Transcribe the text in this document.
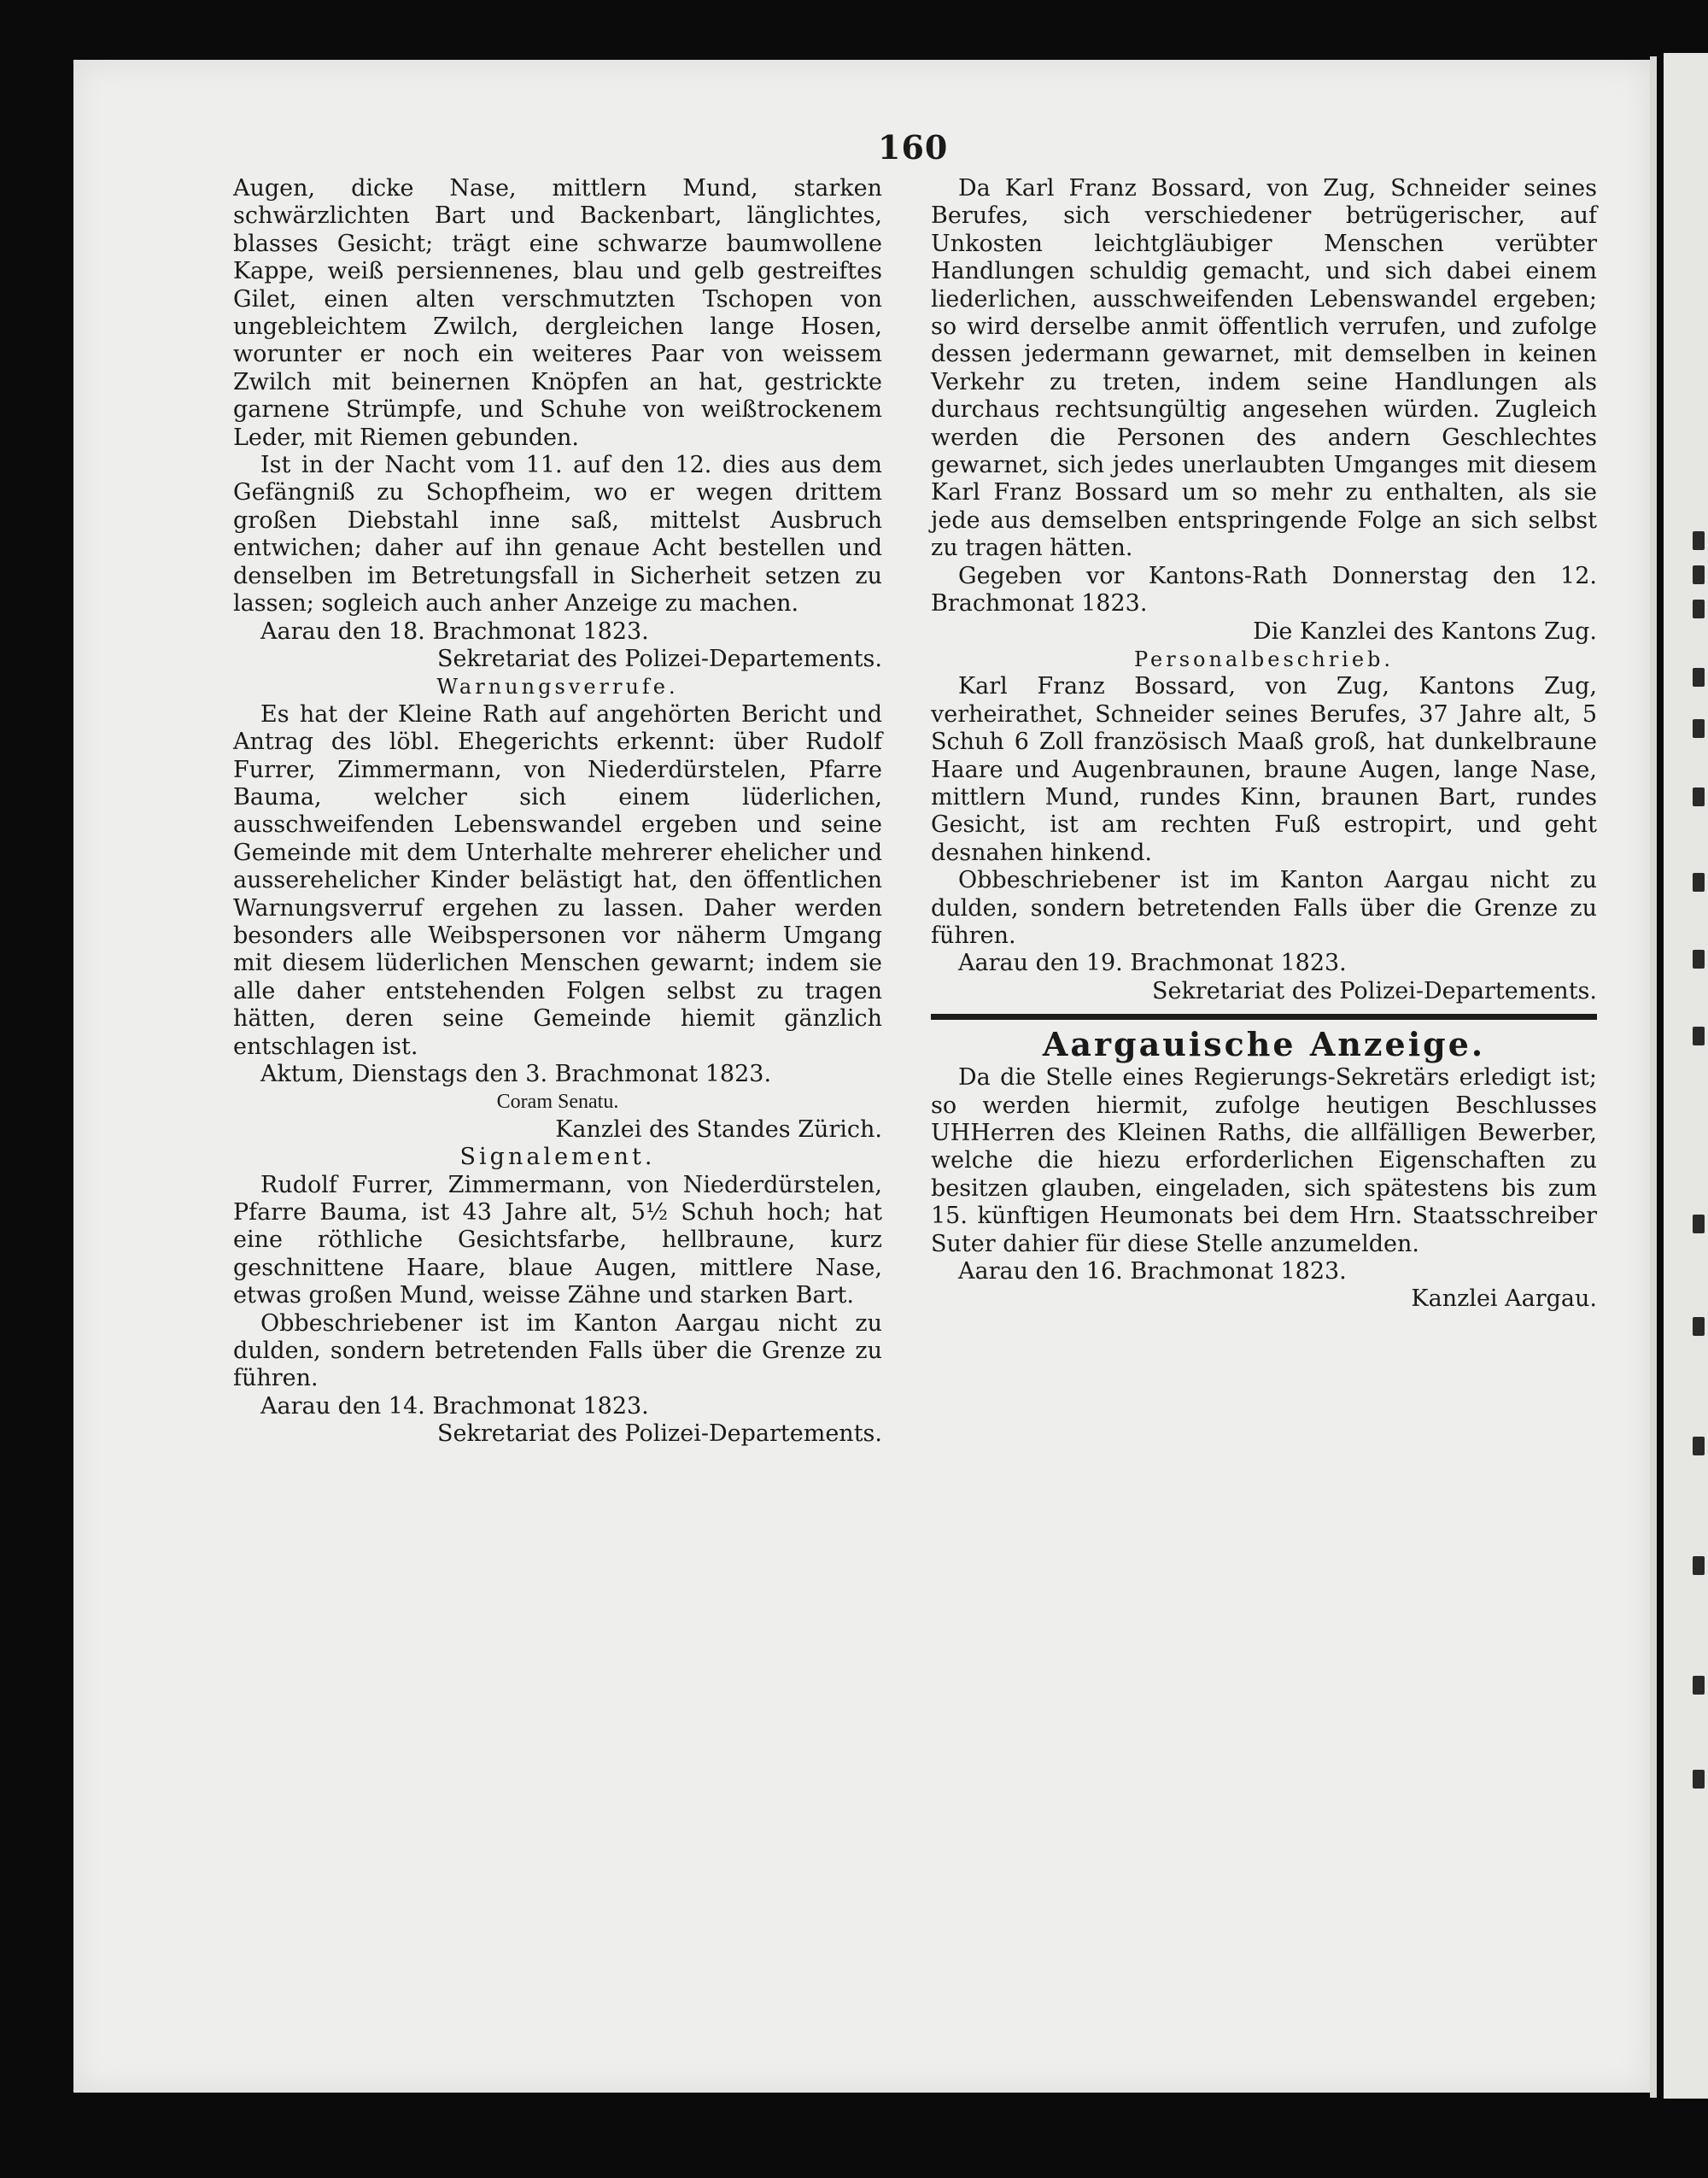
160

Augen, dicke Nase, mittlern Mund, starken schwärzlichten Bart und Backenbart, länglichtes, blasses Gesicht; trägt eine schwarze baumwollene Kappe, weiß persiennenes, blau und gelb gestreiftes Gilet, einen alten verschmutzten Tschopen von ungebleichtem Zwilch, dergleichen lange Hosen, worunter er noch ein weiteres Paar von weissem Zwilch mit beinernen Knöpfen an hat, gestrickte garnene Strümpfe, und Schuhe von weißtrockenem Leder, mit Riemen gebunden.

Ist in der Nacht vom 11. auf den 12. dies aus dem Gefängniß zu Schopfheim, wo er wegen drittem großen Diebstahl inne saß, mittelst Ausbruch entwichen; daher auf ihn genaue Acht bestellen und denselben im Betretungsfall in Sicherheit setzen zu lassen; sogleich auch anher Anzeige zu machen.

Aarau den 18. Brachmonat 1823.

Sekretariat des Polizei-Departements.

Warnungsverrufe.

Es hat der Kleine Rath auf angehörten Bericht und Antrag des löbl. Ehegerichts erkennt: über Rudolf Furrer, Zimmermann, von Niederdürstelen, Pfarre Bauma, welcher sich einem lüderlichen, ausschweifenden Lebenswandel ergeben und seine Gemeinde mit dem Unterhalte mehrerer ehelicher und ausserehelicher Kinder belästigt hat, den öffentlichen Warnungsverruf ergehen zu lassen. Daher werden besonders alle Weibspersonen vor näherm Umgang mit diesem lüderlichen Menschen gewarnt; indem sie alle daher entstehenden Folgen selbst zu tragen hätten, deren seine Gemeinde hiemit gänzlich entschlagen ist.

Aktum, Dienstags den 3. Brachmonat 1823.

Coram Senatu.

Kanzlei des Standes Zürich.

Signalement.

Rudolf Furrer, Zimmermann, von Niederdürstelen, Pfarre Bauma, ist 43 Jahre alt, 5½ Schuh hoch; hat eine röthliche Gesichtsfarbe, hellbraune, kurz geschnittene Haare, blaue Augen, mittlere Nase, etwas großen Mund, weisse Zähne und starken Bart.

Obbeschriebener ist im Kanton Aargau nicht zu dulden, sondern betretenden Falls über die Grenze zu führen.

Aarau den 14. Brachmonat 1823.

Sekretariat des Polizei-Departements.

Da Karl Franz Bossard, von Zug, Schneider seines Berufes, sich verschiedener betrügerischer, auf Unkosten leichtgläubiger Menschen verübter Handlungen schuldig gemacht, und sich dabei einem liederlichen, ausschweifenden Lebenswandel ergeben; so wird derselbe anmit öffentlich verrufen, und zufolge dessen jedermann gewarnet, mit demselben in keinen Verkehr zu treten, indem seine Handlungen als durchaus rechtsungültig angesehen würden. Zugleich werden die Personen des andern Geschlechtes gewarnet, sich jedes unerlaubten Umganges mit diesem Karl Franz Bossard um so mehr zu enthalten, als sie jede aus demselben entspringende Folge an sich selbst zu tragen hätten.

Gegeben vor Kantons-Rath Donnerstag den 12. Brachmonat 1823.

Die Kanzlei des Kantons Zug.

Personalbeschrieb.

Karl Franz Bossard, von Zug, Kantons Zug, verheirathet, Schneider seines Berufes, 37 Jahre alt, 5 Schuh 6 Zoll französisch Maaß groß, hat dunkelbraune Haare und Augenbraunen, braune Augen, lange Nase, mittlern Mund, rundes Kinn, braunen Bart, rundes Gesicht, ist am rechten Fuß estropirt, und geht desnahen hinkend.

Obbeschriebener ist im Kanton Aargau nicht zu dulden, sondern betretenden Falls über die Grenze zu führen.

Aarau den 19. Brachmonat 1823.

Sekretariat des Polizei-Departements.

Aargauische Anzeige.

Da die Stelle eines Regierungs-Sekretärs erledigt ist; so werden hiermit, zufolge heutigen Beschlusses UHHerren des Kleinen Raths, die allfälligen Bewerber, welche die hiezu erforderlichen Eigenschaften zu besitzen glauben, eingeladen, sich spätestens bis zum 15. künftigen Heumonats bei dem Hrn. Staatsschreiber Suter dahier für diese Stelle anzumelden.

Aarau den 16. Brachmonat 1823.

Kanzlei Aargau.
